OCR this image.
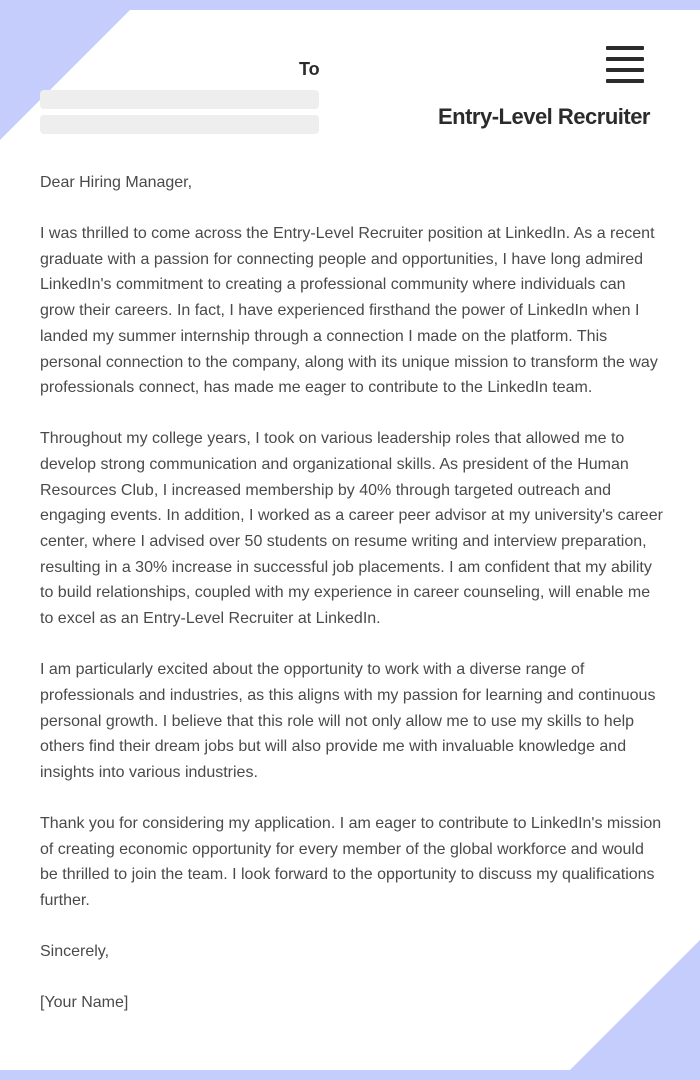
To

Entry-Level Recruiter

Dear Hiring Manager,

I was thrilled to come across the Entry-Level Recruiter position at LinkedIn. As a recent graduate with a passion for connecting people and opportunities, I have long admired LinkedIn's commitment to creating a professional community where individuals can grow their careers. In fact, I have experienced firsthand the power of LinkedIn when I landed my summer internship through a connection I made on the platform. This personal connection to the company, along with its unique mission to transform the way professionals connect, has made me eager to contribute to the LinkedIn team.

Throughout my college years, I took on various leadership roles that allowed me to develop strong communication and organizational skills. As president of the Human Resources Club, I increased membership by 40% through targeted outreach and engaging events. In addition, I worked as a career peer advisor at my university's career center, where I advised over 50 students on resume writing and interview preparation, resulting in a 30% increase in successful job placements. I am confident that my ability to build relationships, coupled with my experience in career counseling, will enable me to excel as an Entry-Level Recruiter at LinkedIn.

I am particularly excited about the opportunity to work with a diverse range of professionals and industries, as this aligns with my passion for learning and continuous personal growth. I believe that this role will not only allow me to use my skills to help others find their dream jobs but will also provide me with invaluable knowledge and insights into various industries.

Thank you for considering my application. I am eager to contribute to LinkedIn's mission of creating economic opportunity for every member of the global workforce and would be thrilled to join the team. I look forward to the opportunity to discuss my qualifications further.

Sincerely,

[Your Name]
